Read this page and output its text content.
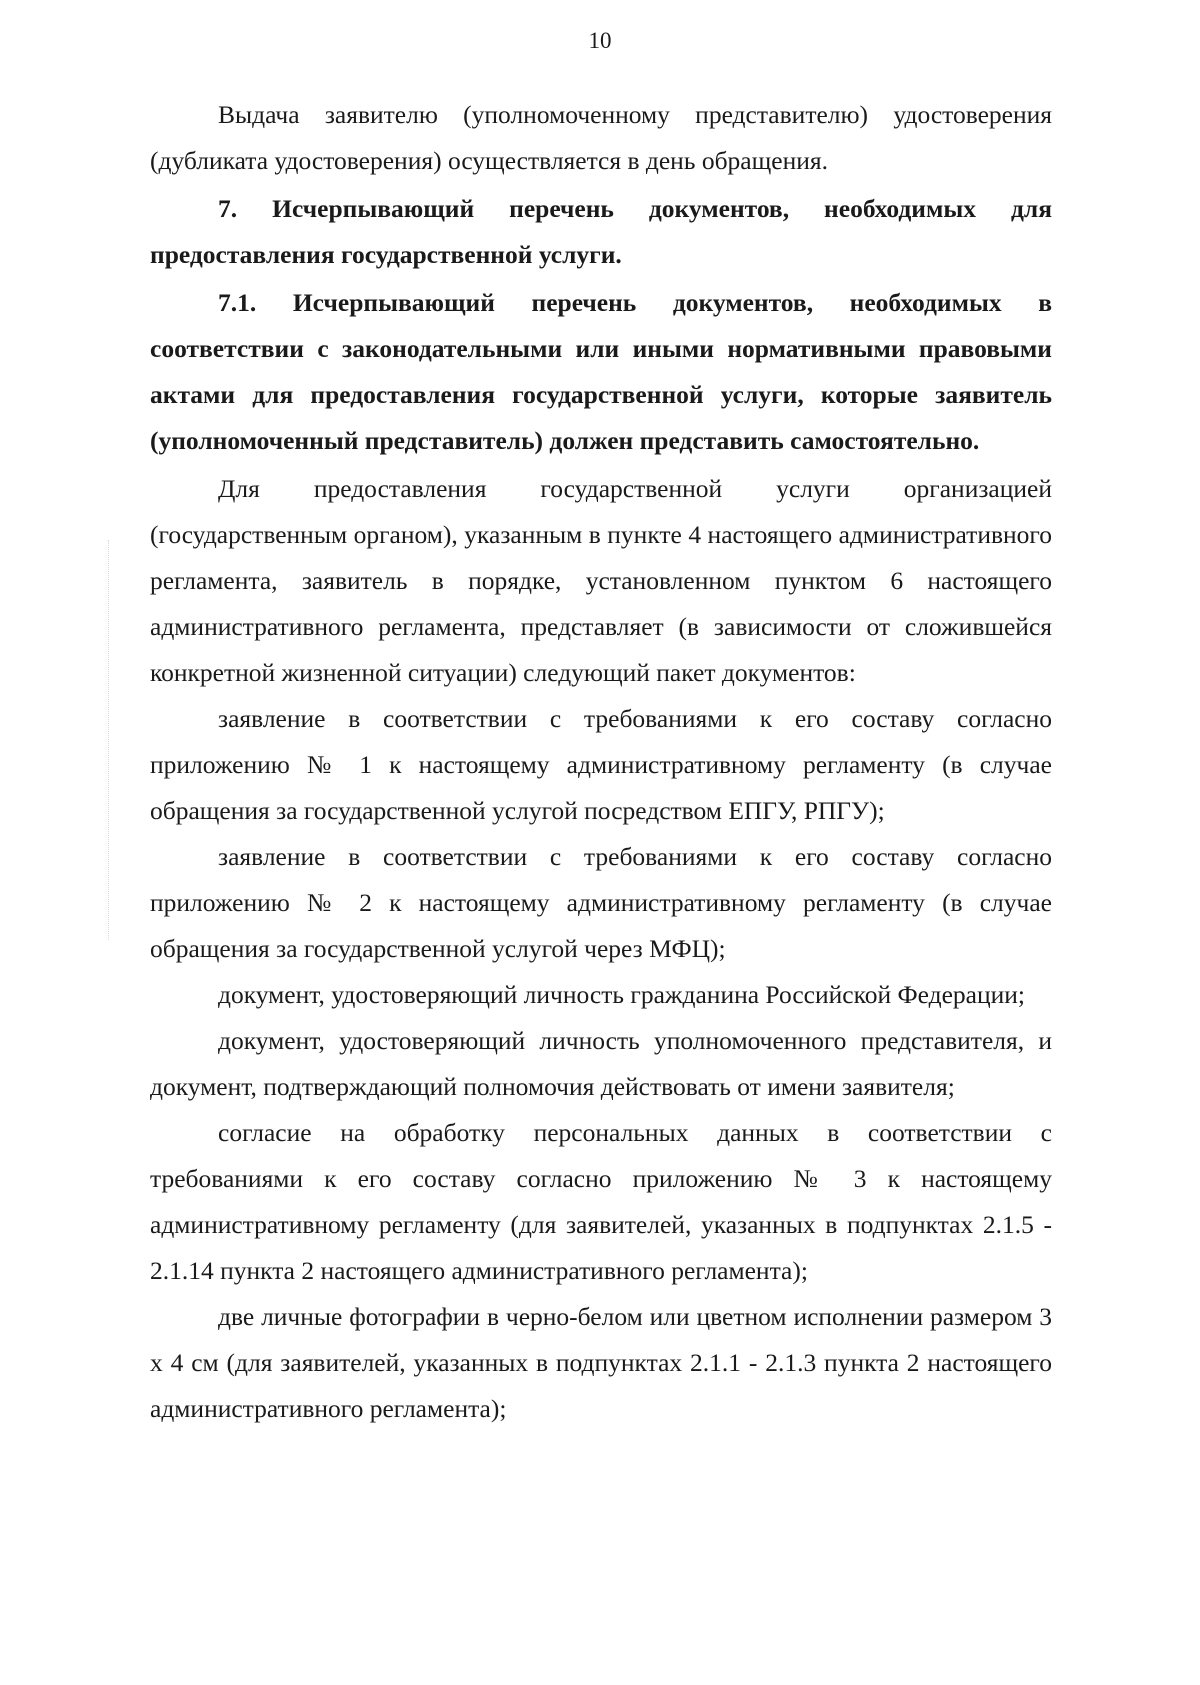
10

Выдача заявителю (уполномоченному представителю) удостоверения (дубликата удостоверения) осуществляется в день обращения.

7. Исчерпывающий перечень документов, необходимых для предоставления государственной услуги.

7.1. Исчерпывающий перечень документов, необходимых в соответствии с законодательными или иными нормативными правовыми актами для предоставления государственной услуги, которые заявитель (уполномоченный представитель) должен представить самостоятельно.

Для предоставления государственной услуги организацией (государственным органом), указанным в пункте 4 настоящего административного регламента, заявитель в порядке, установленном пунктом 6 настоящего административного регламента, представляет (в зависимости от сложившейся конкретной жизненной ситуации) следующий пакет документов:

заявление в соответствии с требованиями к его составу согласно приложению № 1 к настоящему административному регламенту (в случае обращения за государственной услугой посредством ЕПГУ, РПГУ);

заявление в соответствии с требованиями к его составу согласно приложению № 2 к настоящему административному регламенту (в случае обращения за государственной услугой через МФЦ);

документ, удостоверяющий личность гражданина Российской Федерации;

документ, удостоверяющий личность уполномоченного представителя, и документ, подтверждающий полномочия действовать от имени заявителя;

согласие на обработку персональных данных в соответствии с требованиями к его составу согласно приложению № 3 к настоящему административному регламенту (для заявителей, указанных в подпунктах 2.1.5 - 2.1.14 пункта 2 настоящего административного регламента);

две личные фотографии в черно-белом или цветном исполнении размером 3 х 4 см (для заявителей, указанных в подпунктах 2.1.1 - 2.1.3 пункта 2 настоящего административного регламента);
